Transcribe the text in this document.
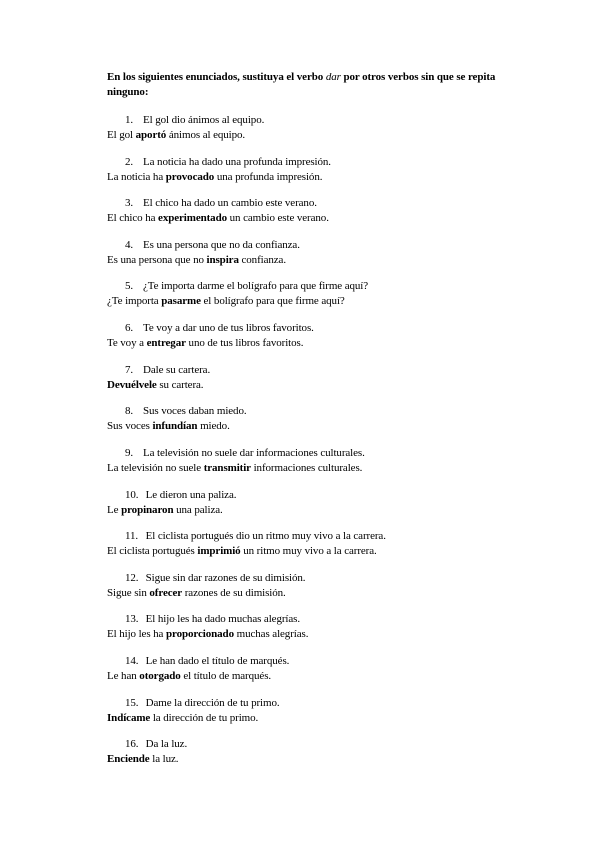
En los siguientes enunciados, sustituya el verbo dar por otros verbos sin que se repita ninguno:
1. El gol dio ánimos al equipo.
El gol aportó ánimos al equipo.
2. La noticia ha dado una profunda impresión.
La noticia ha provocado una profunda impresión.
3. El chico ha dado un cambio este verano.
El chico ha experimentado un cambio este verano.
4. Es una persona que no da confianza.
Es una persona que no inspira confianza.
5. ¿Te importa darme el bolígrafo para que firme aquí?
¿Te importa pasarme el bolígrafo para que firme aquí?
6. Te voy a dar uno de tus libros favoritos.
Te voy a entregar uno de tus libros favoritos.
7. Dale su cartera.
Devuélvele su cartera.
8. Sus voces daban miedo.
Sus voces infundían miedo.
9. La televisión no suele dar informaciones culturales.
La televisión no suele transmitir informaciones culturales.
10. Le dieron una paliza.
Le propinaron una paliza.
11. El ciclista portugués dio un ritmo muy vivo a la carrera.
El ciclista portugués imprimió un ritmo muy vivo a la carrera.
12. Sigue sin dar razones de su dimisión.
Sigue sin ofrecer razones de su dimisión.
13. El hijo les ha dado muchas alegrías.
El hijo les ha proporcionado muchas alegrías.
14. Le han dado el título de marqués.
Le han otorgado el título de marqués.
15. Dame la dirección de tu primo.
Indícame la dirección de tu primo.
16. Da la luz.
Enciende la luz.
